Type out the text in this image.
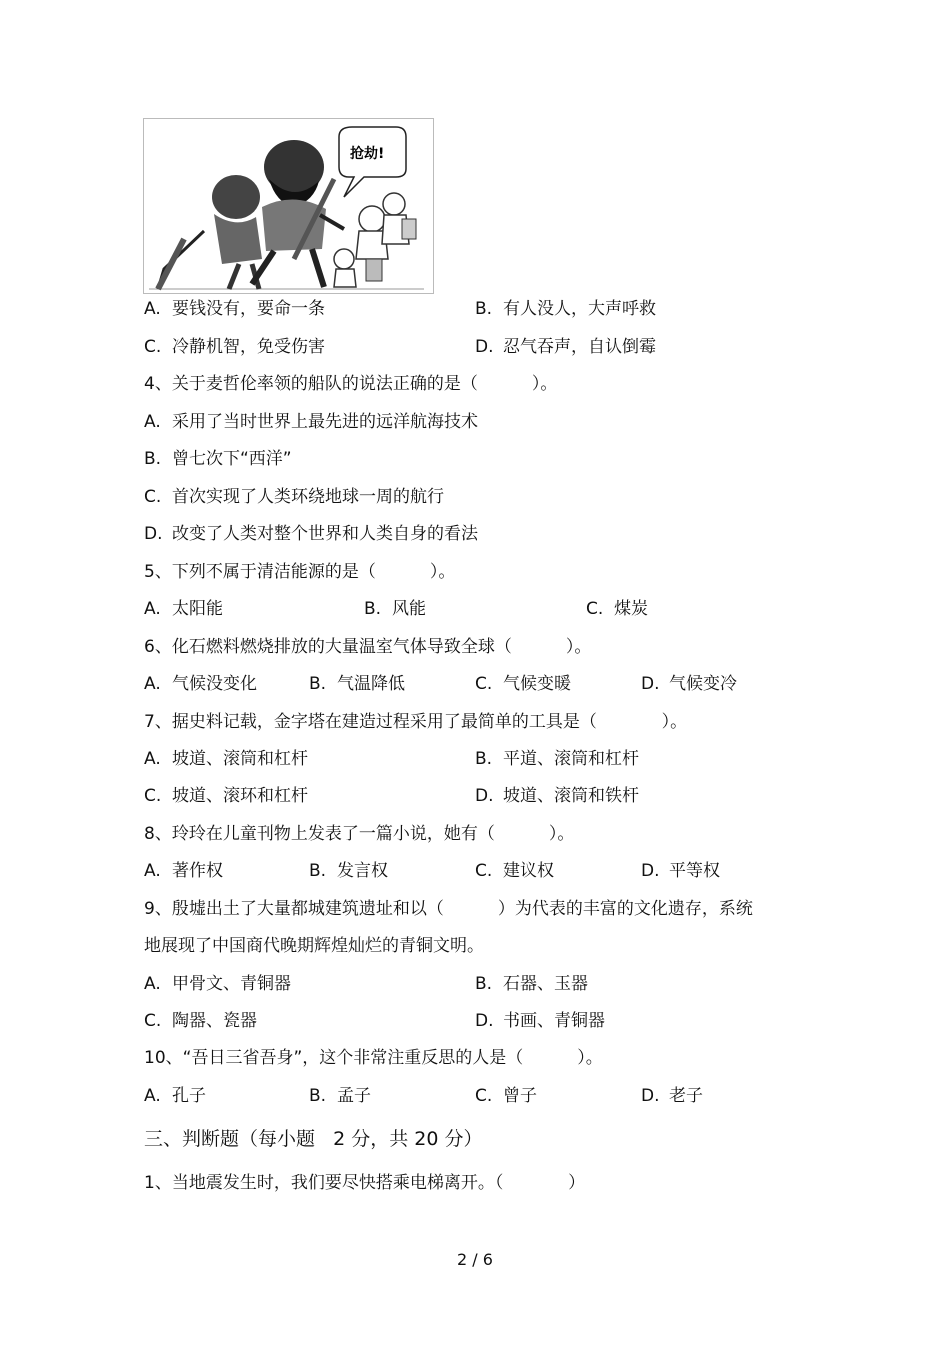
抢劫!
A. 要钱没有，要命一条	B. 有人没人，大声呼救
C. 冷静机智，免受伤害	D. 忍气吞声，自认倒霉
4、关于麦哲伦率领的船队的说法正确的是（          ）。
A. 采用了当时世界上最先进的远洋航海技术
B. 曾七次下“西洋”
C. 首次实现了人类环绕地球一周的航行
D. 改变了人类对整个世界和人类自身的看法
5、下列不属于清洁能源的是（          ）。
A. 太阳能	B. 风能	C. 煤炭
6、化石燃料燃烧排放的大量温室气体导致全球（          ）。
A. 气候没变化	B. 气温降低	C. 气候变暖	D. 气候变冷
7、据史料记载，金字塔在建造过程采用了最简单的工具是（            ）。
A. 坡道、滚筒和杠杆	B. 平道、滚筒和杠杆
C. 坡道、滚环和杠杆	D. 坡道、滚筒和铁杆
8、玲玲在儿童刊物上发表了一篇小说，她有（          ）。
A. 著作权	B. 发言权	C. 建议权	D. 平等权
9、殷墟出土了大量都城建筑遗址和以（          ）为代表的丰富的文化遗存，系统
地展现了中国商代晚期辉煌灿烂的青铜文明。
A. 甲骨文、青铜器	B. 石器、玉器
C. 陶器、瓷器	D. 书画、青铜器
10、“吾日三省吾身”，这个非常注重反思的人是（          ）。
A. 孔子	B. 孟子	C. 曾子	D. 老子
三、判断题（每小题   2 分，共 20 分）
1、当地震发生时，我们要尽快搭乘电梯离开。（            ）
2 / 6
